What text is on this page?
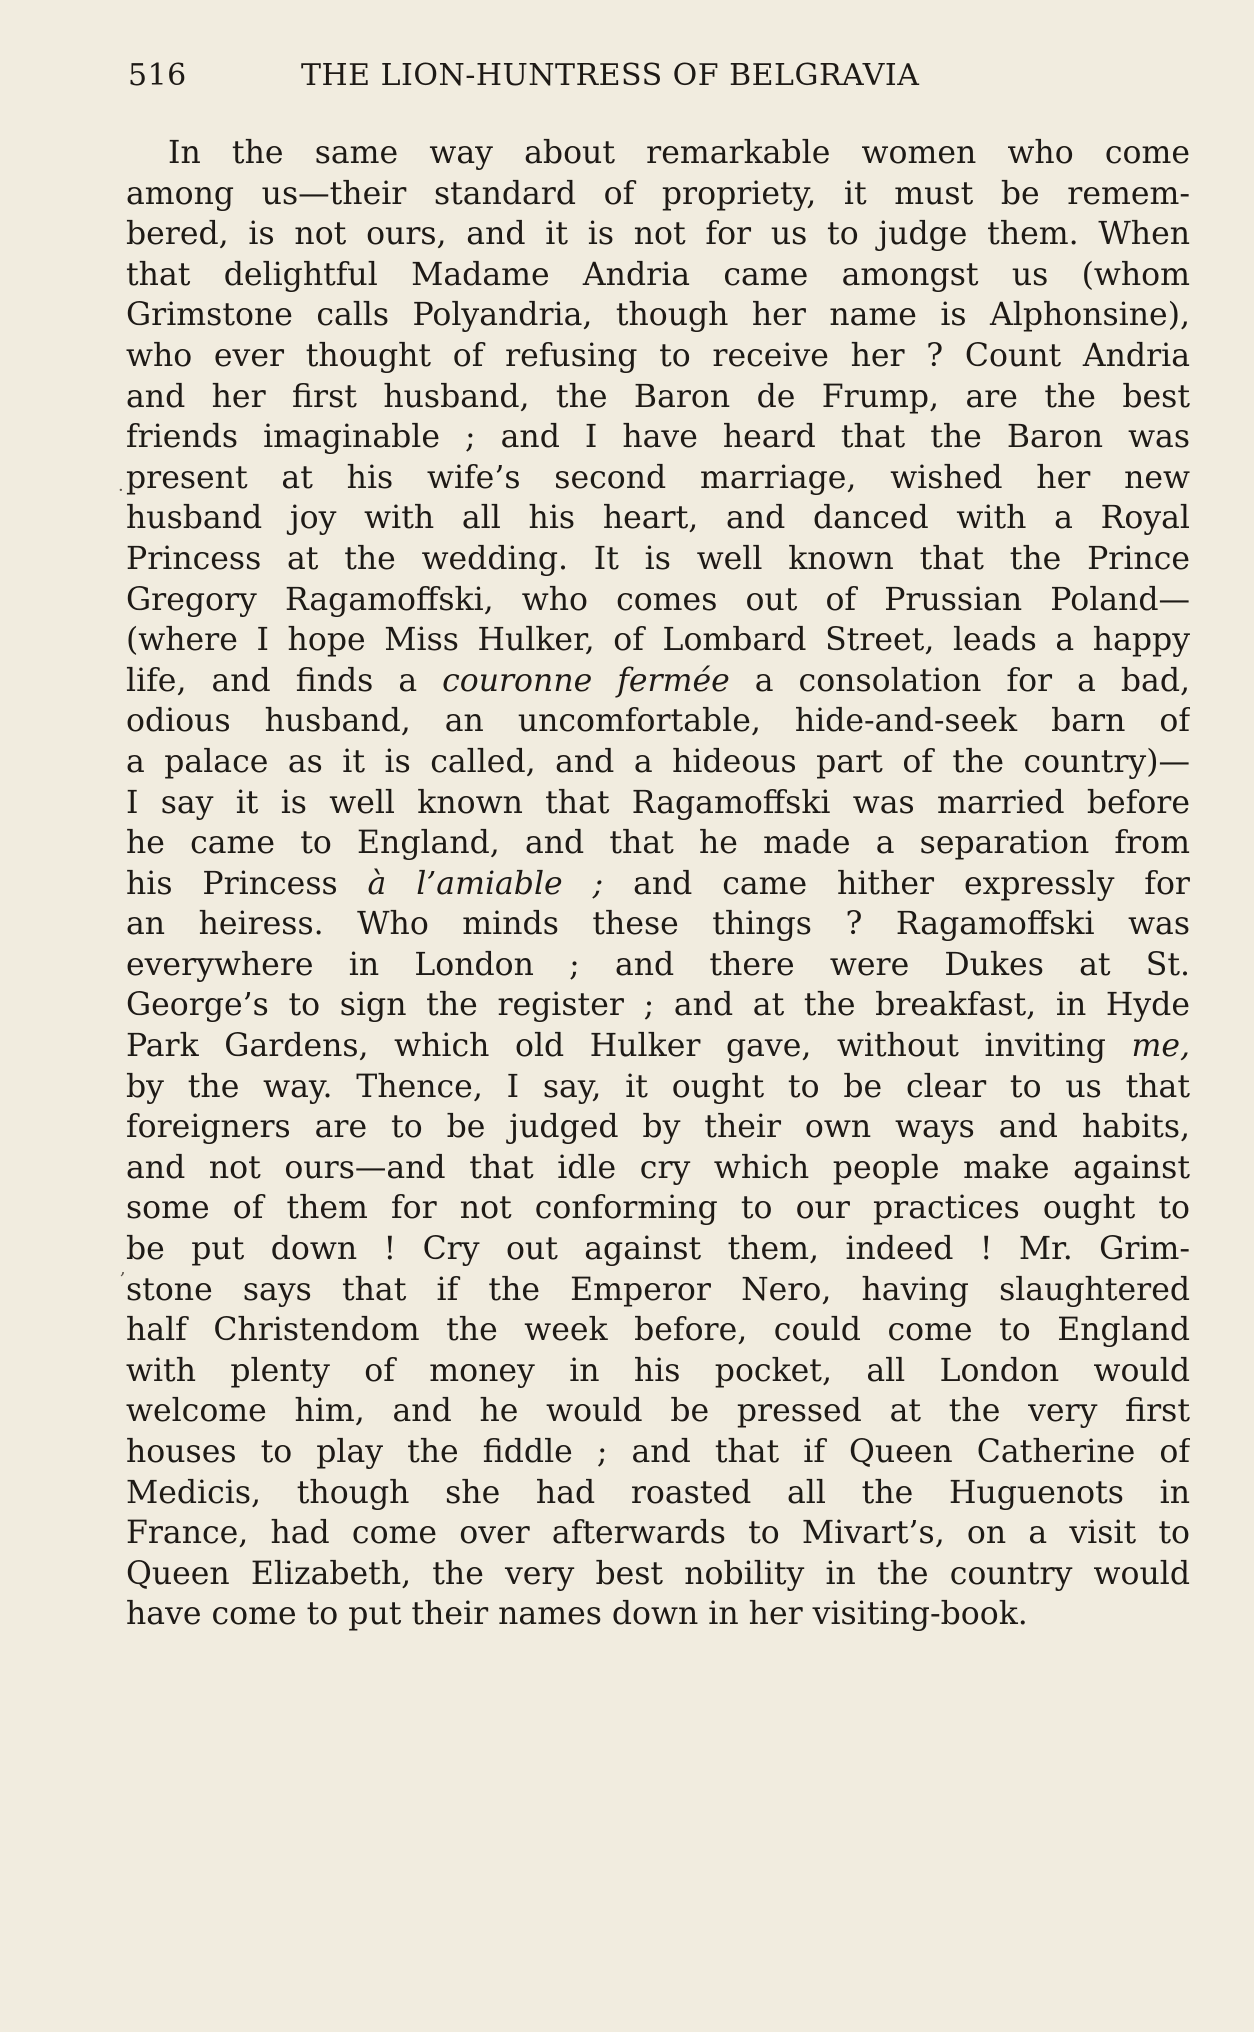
516	THE LION-HUNTRESS OF BELGRAVIA
In the same way about remarkable women who come
among us—their standard of propriety, it must be remem-
bered, is not ours, and it is not for us to judge them. When
that delightful Madame Andria came amongst us (whom
Grimstone calls Polyandria, though her name is Alphonsine),
who ever thought of refusing to receive her ? Count Andria
and her first husband, the Baron de Frump, are the best
friends imaginable ; and I have heard that the Baron was
present at his wife’s second marriage, wished her new
husband joy with all his heart, and danced with a Royal
Princess at the wedding. It is well known that the Prince
Gregory Ragamoffski, who comes out of Prussian Poland—
(where I hope Miss Hulker, of Lombard Street, leads a happy
life, and finds a couronne fermée a consolation for a bad,
odious husband, an uncomfortable, hide-and-seek barn of
a palace as it is called, and a hideous part of the country)—
I say it is well known that Ragamoffski was married before
he came to England, and that he made a separation from
his Princess à l’amiable ; and came hither expressly for
an heiress. Who minds these things ? Ragamoffski was
everywhere in London ; and there were Dukes at St.
George’s to sign the register ; and at the breakfast, in Hyde
Park Gardens, which old Hulker gave, without inviting me,
by the way. Thence, I say, it ought to be clear to us that
foreigners are to be judged by their own ways and habits,
and not ours—and that idle cry which people make against
some of them for not conforming to our practices ought to
be put down ! Cry out against them, indeed ! Mr. Grim-
stone says that if the Emperor Nero, having slaughtered
half Christendom the week before, could come to England
with plenty of money in his pocket, all London would
welcome him, and he would be pressed at the very first
houses to play the fiddle ; and that if Queen Catherine of
Medicis, though she had roasted all the Huguenots in
France, had come over afterwards to Mivart’s, on a visit to
Queen Elizabeth, the very best nobility in the country would
have come to put their names down in her visiting-book.
·
,
